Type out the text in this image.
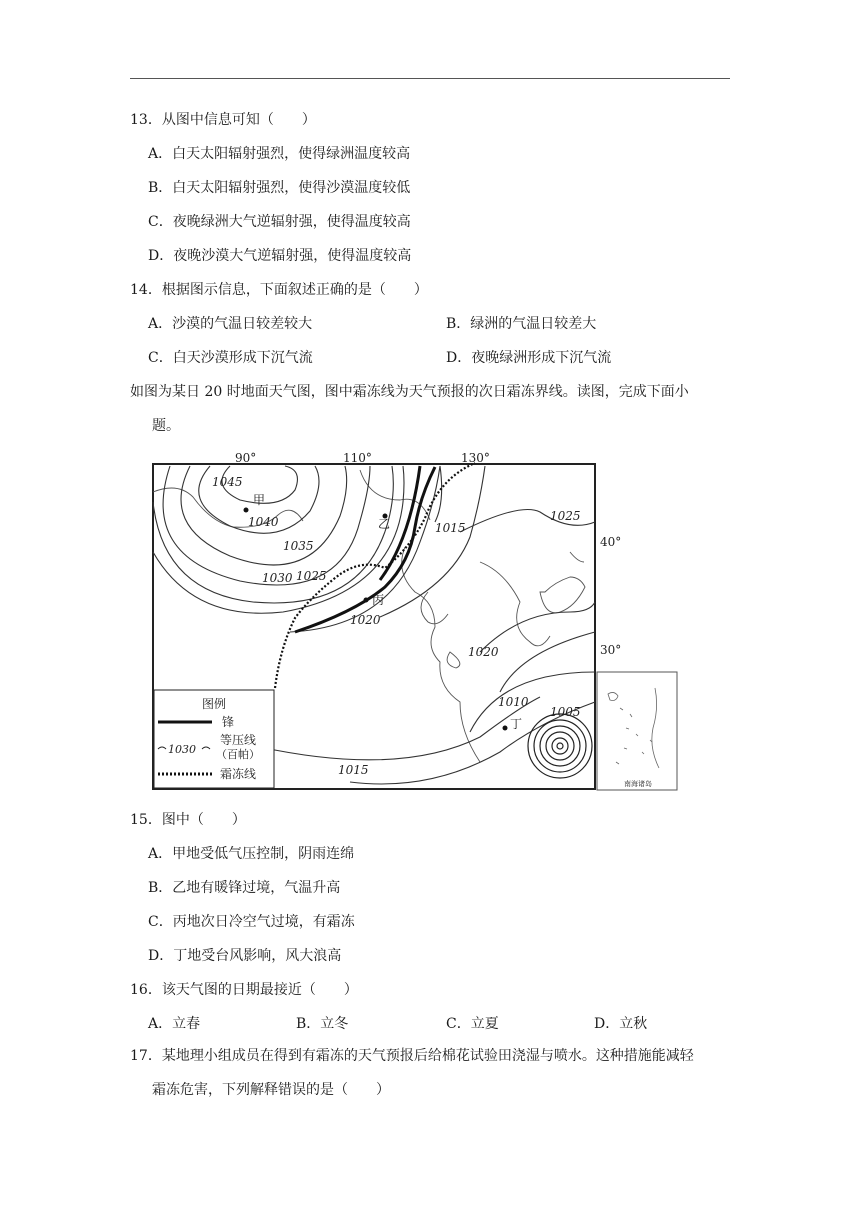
13．从图中信息可知（　　）
A．白天太阳辐射强烈，使得绿洲温度较高
B．白天太阳辐射强烈，使得沙漠温度较低
C．夜晚绿洲大气逆辐射强，使得温度较高
D．夜晚沙漠大气逆辐射强，使得温度较高
14．根据图示信息，下面叙述正确的是（　　）
A．沙漠的气温日较差较大	B．绿洲的气温日较差大
C．白天沙漠形成下沉气流	D．夜晚绿洲形成下沉气流
如图为某日 20 时地面天气图，图中霜冻线为天气预报的次日霜冻界线。读图，完成下面小
题。
南海诸岛
90°	110°	130°
40°
30°
1045
1040
1035
1030 1025
1020
1015
1025
1020
1010
1005
1015
甲
乙
丙
丁
图例
锋
1030
等压线
（百帕）
霜冻线
15．图中（　　）
A．甲地受低气压控制，阴雨连绵
B．乙地有暖锋过境，气温升高
C．丙地次日冷空气过境，有霜冻
D．丁地受台风影响，风大浪高
16．该天气图的日期最接近（　　）
A．立春	B．立冬	C．立夏	D．立秋
17．某地理小组成员在得到有霜冻的天气预报后给棉花试验田浇湿与喷水。这种措施能减轻
霜冻危害，下列解释错误的是（　　）
